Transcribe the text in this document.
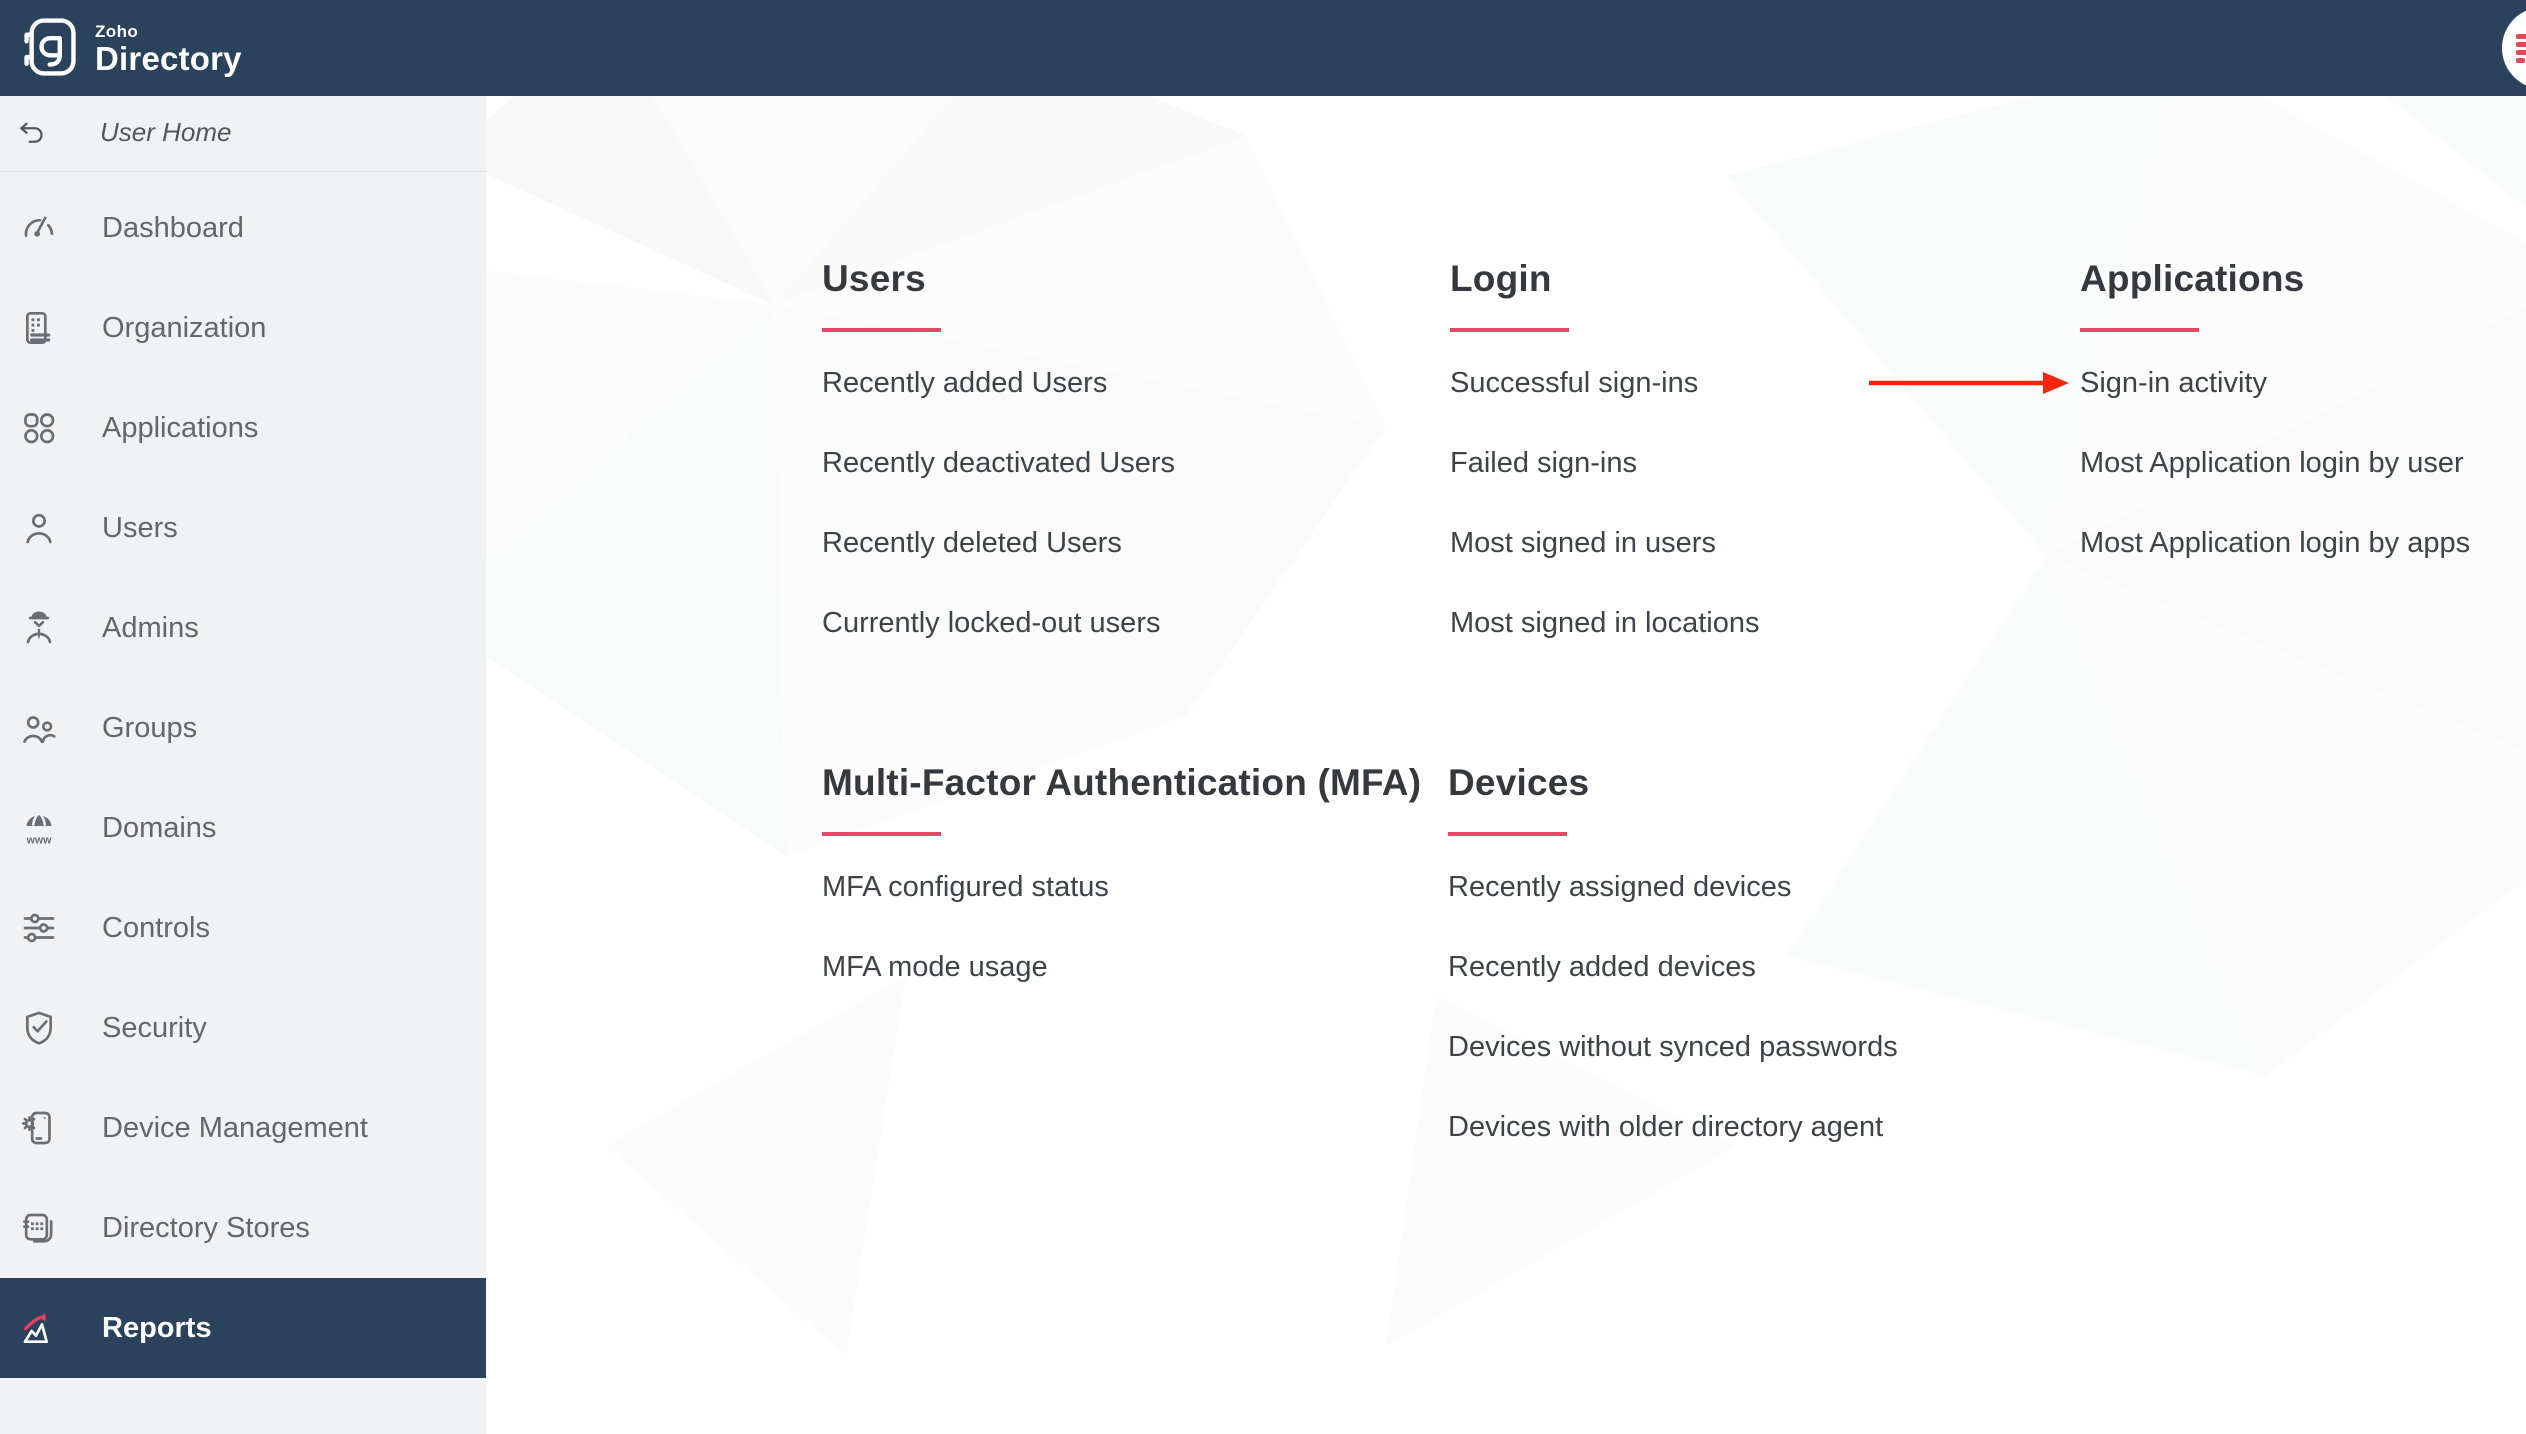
Zoho
Directory
User Home
Dashboard
Organization
Applications
Users
Admins
Groups
www Domains
Controls
Security
Device Management
Directory Stores
Reports
Users
Recently added Users
Recently deactivated Users
Recently deleted Users
Currently locked-out users
Login
Successful sign-ins
Failed sign-ins
Most signed in users
Most signed in locations
Applications
Sign-in activity
Most Application login by user
Most Application login by apps
Multi-Factor Authentication (MFA)
MFA configured status
MFA mode usage
Devices
Recently assigned devices
Recently added devices
Devices without synced passwords
Devices with older directory agent
